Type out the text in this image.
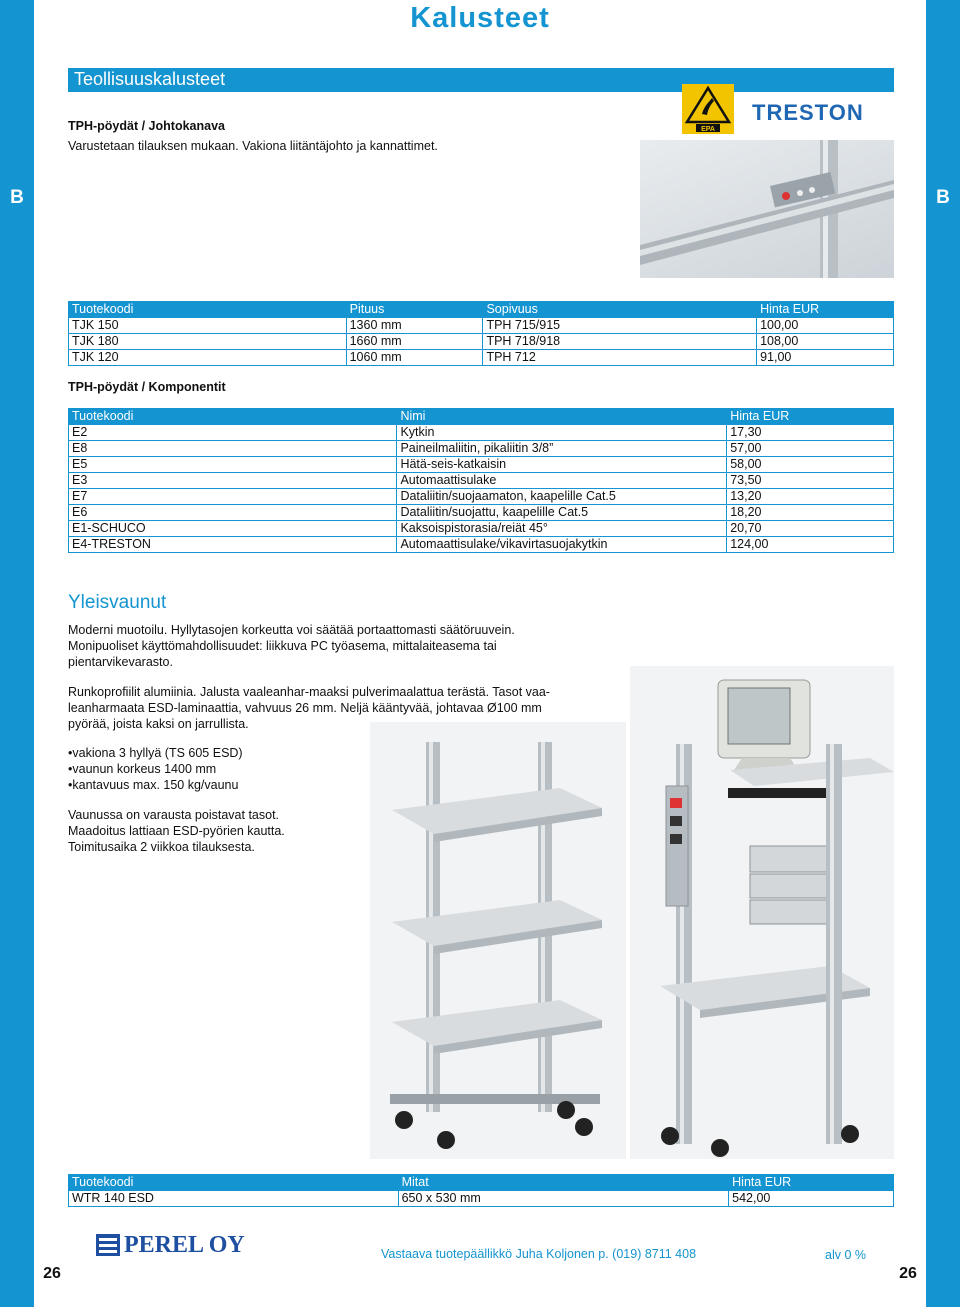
B
26
B
26
Kalusteet
Teollisuuskalusteet
TPH-pöydät / Johtokanava
Varustetaan tilauksen mukaan. Vakiona liitäntäjohto ja kannattimet.
EPA
TRESTON
Tuotekoodi	Pituus	Sopivuus	Hinta EUR
TJK 150	1360 mm	TPH 715/915	100,00
TJK 180	1660 mm	TPH 718/918	108,00
TJK 120	1060 mm	TPH 712	91,00
TPH-pöydät / Komponentit
Tuotekoodi	Nimi	Hinta EUR
E2	Kytkin	17,30
E8	Paineilmaliitin, pikaliitin 3/8”	57,00
E5	Hätä-seis-katkaisin	58,00
E3	Automaattisulake	73,50
E7	Dataliitin/suojaamaton, kaapelille Cat.5	13,20
E6	Dataliitin/suojattu, kaapelille Cat.5	18,20
E1-SCHUCO	Kaksoispistorasia/reiät 45°	20,70
E4-TRESTON	Automaattisulake/vikavirtasuojakytkin	124,00
Yleisvaunut
Moderni muotoilu. Hyllytasojen korkeutta voi säätää portaattomasti säätöruuvein.
Monipuoliset käyttömahdollisuudet: liikkuva PC työasema, mittalaiteasema tai
pientarvikevarasto.
Runkoprofiilit alumiinia. Jalusta vaaleanhar-maaksi pulverimaalattua terästä. Tasot vaa-
leanharmaata ESD-laminaattia, vahvuus 26 mm. Neljä kääntyvää, johtavaa Ø100 mm
pyörää, joista kaksi on jarrullista.
•vakiona 3 hyllyä (TS 605 ESD)
•vaunun korkeus 1400 mm
•kantavuus max. 150 kg/vaunu
Vaunussa on varausta poistavat tasot.
Maadoitus lattiaan ESD-pyörien kautta.
Toimitusaika 2 viikkoa tilauksesta.
Tuotekoodi	Mitat	Hinta EUR
WTR 140 ESD	650 x 530 mm	542,00
PEREL OY	Vastaava tuotepäällikkö Juha Koljonen p. (019) 8711 408	alv 0 %
